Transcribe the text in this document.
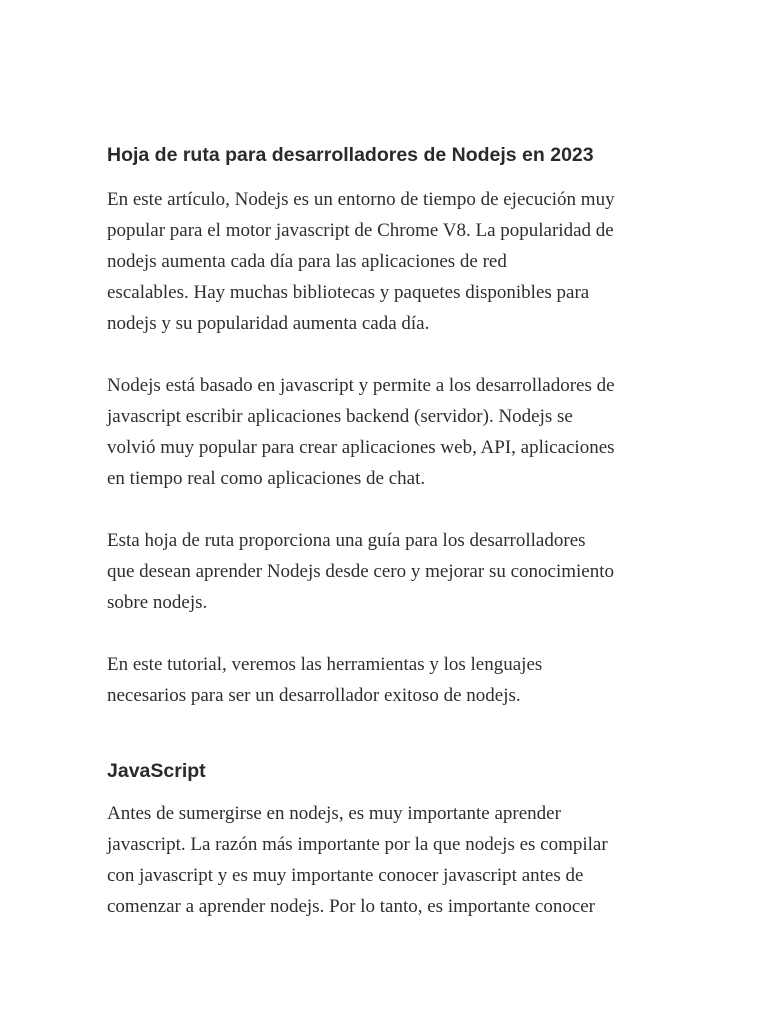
Hoja de ruta para desarrolladores de Nodejs en 2023

En este artículo, Nodejs es un entorno de tiempo de ejecución muy
popular para el motor javascript de Chrome V8. La popularidad de
nodejs aumenta cada día para las aplicaciones de red
escalables. Hay muchas bibliotecas y paquetes disponibles para
nodejs y su popularidad aumenta cada día.

Nodejs está basado en javascript y permite a los desarrolladores de
javascript escribir aplicaciones backend (servidor). Nodejs se
volvió muy popular para crear aplicaciones web, API, aplicaciones
en tiempo real como aplicaciones de chat.

Esta hoja de ruta proporciona una guía para los desarrolladores
que desean aprender Nodejs desde cero y mejorar su conocimiento
sobre nodejs.

En este tutorial, veremos las herramientas y los lenguajes
necesarios para ser un desarrollador exitoso de nodejs.

JavaScript

Antes de sumergirse en nodejs, es muy importante aprender
javascript. La razón más importante por la que nodejs es compilar
con javascript y es muy importante conocer javascript antes de
comenzar a aprender nodejs. Por lo tanto, es importante conocer
